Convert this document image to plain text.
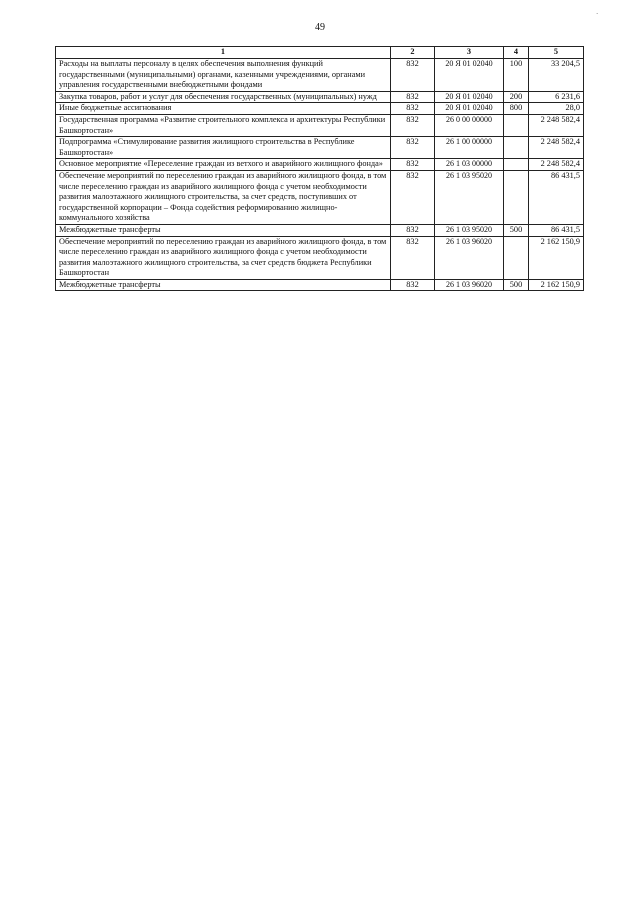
49
.
1	2	3	4	5
Расходы на выплаты персоналу в целях обеспечения выполнения функций государственными (муниципальными) органами, казенными учреждениями, органами управления государственными внебюджетными фондами	832	20 Я 01 02040	100	33 204,5
Закупка товаров, работ и услуг для обеспечения государственных (муниципальных) нужд	832	20 Я 01 02040	200	6 231,6
Иные бюджетные ассигнования	832	20 Я 01 02040	800	28,0
Государственная программа «Развитие строительного комплекса и архитектуры Республики Башкортостан»	832	26 0 00 00000		2 248 582,4
Подпрограмма «Стимулирование развития жилищного строительства в Республике Башкортостан»	832	26 1 00 00000		2 248 582,4
Основное мероприятие «Переселение граждан из ветхого и аварийного жилищного фонда»	832	26 1 03 00000		2 248 582,4
Обеспечение мероприятий по переселению граждан из аварийного жилищного фонда, в том числе переселению граждан из аварийного жилищного фонда с учетом необходимости развития малоэтажного жилищного строительства, за счет средств, поступивших от государственной корпорации – Фонда содействия реформированию жилищно-коммунального хозяйства	832	26 1 03 95020		86 431,5
Межбюджетные трансферты	832	26 1 03 95020	500	86 431,5
Обеспечение мероприятий по переселению граждан из аварийного жилищного фонда, в том числе переселению граждан из аварийного жилищного фонда с учетом необходимости развития малоэтажного жилищного строительства, за счет средств бюджета Республики Башкортостан	832	26 1 03 96020		2 162 150,9
Межбюджетные трансферты	832	26 1 03 96020	500	2 162 150,9
